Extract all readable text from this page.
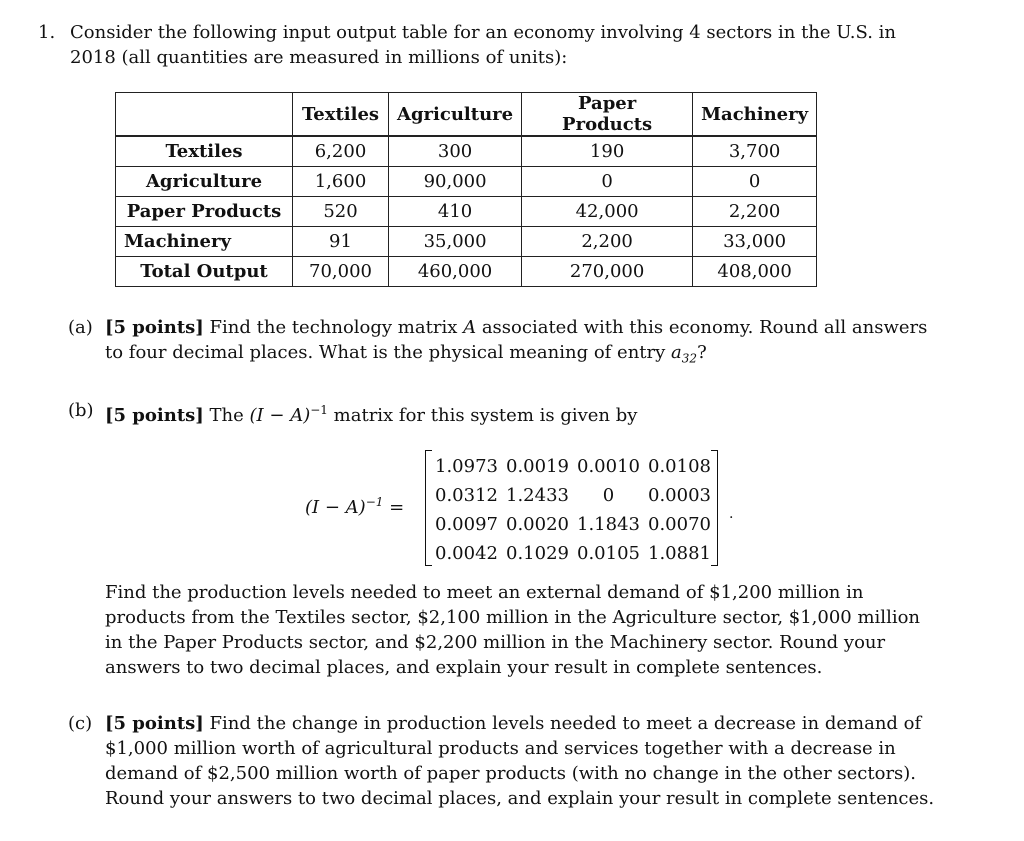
1. Consider the following input output table for an economy involving 4 sectors in the U.S. in 2018 (all quantities are measured in millions of units):
	Textiles	Agriculture	Paper Products	Machinery
Textiles	6,200	300	190	3,700
Agriculture	1,600	90,000	0	0
Paper Products	520	410	42,000	2,200
Machinery	91	35,000	2,200	33,000
Total Output	70,000	460,000	270,000	408,000
(a) [5 points] Find the technology matrix A associated with this economy. Round all answers to four decimal places. What is the physical meaning of entry $a_{32}$?
(b) [5 points] The $(I - A)^{-1}$ matrix for this system is given by
$(I - A)^{-1}$ =
1.0973 0.0019 0.0010 0.0108
0.0312 1.2433 0 0.0003
0.0097 0.0020 1.1843 0.0070
0.0042 0.1029 0.0105 1.0881
.
Find the production levels needed to meet an external demand of $1,200 million in products from the Textiles sector, $2,100 million in the Agriculture sector, $1,000 million in the Paper Products sector, and $2,200 million in the Machinery sector. Round your answers to two decimal places, and explain your result in complete sentences.
(c) [5 points] Find the change in production levels needed to meet a decrease in demand of $1,000 million worth of agricultural products and services together with a decrease in demand of $2,500 million worth of paper products (with no change in the other sectors). Round your answers to two decimal places, and explain your result in complete sentences.
